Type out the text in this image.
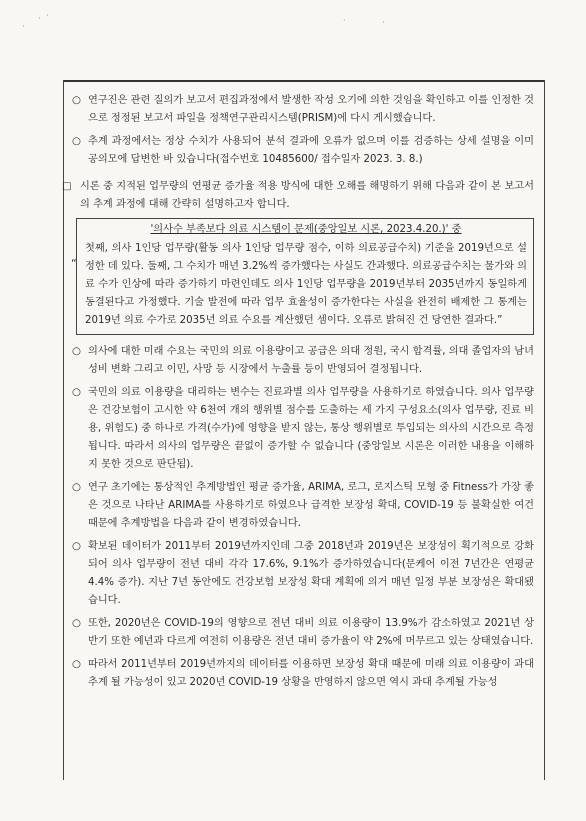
· ·
·
·	·
○ 연구진은 관련 질의가 보고서 편집과정에서 발생한 작성 오기에 의한 것임을 확인하고 이를 인정한 것으로 정정된 보고서 파일을 정책연구관리시스템(PRISM)에 다시 게시했습니다.
○ 추계 과정에서는 정상 수치가 사용되어 분석 결과에 오류가 없으며 이를 검증하는 상세 설명을 이미 공의모에 답변한 바 있습니다(접수번호 10485600/ 접수일자 2023. 3. 8.)
□ 시론 중 지적된 업무량의 연평균 증가율 적용 방식에 대한 오해를 해명하기 위해 다음과 같이 본 보고서의 추계 과정에 대해 간략히 설명하고자 합니다.
'의사수 부족보다 의료 시스템이 문제(중앙일보 시론, 2023.4.20.)' 중
“
첫째, 의사 1인당 업무량(활동 의사 1인당 업무량 점수, 이하 의료공급수치) 기준을 2019년으로 설정한 데 있다. 둘째, 그 수치가 매년 3.2%씩 증가했다는 사실도 간과했다. 의료공급수치는 물가와 의료 수가 인상에 따라 증가하기 마련인데도 의사 1인당 업무량을 2019년부터 2035년까지 동일하게 동결된다고 가정했다. 기술 발전에 따라 업무 효율성이 증가한다는 사실을 완전히 배제한 그 통계는 2019년 의료 수가로 2035년 의료 수요를 계산했던 셈이다. 오류로 밝혀진 건 당연한 결과다.”
○ 의사에 대한 미래 수요는 국민의 의료 이용량이고 공급은 의대 정원, 국시 합격률, 의대 졸업자의 남녀성비 변화 그리고 이민, 사망 등 시장에서 누출률 등이 반영되어 결정됩니다.
○ 국민의 의료 이용량을 대리하는 변수는 진료과별 의사 업무량을 사용하기로 하였습니다. 의사 업무량은 건강보험이 고시한 약 6천여 개의 행위별 점수를 도출하는 세 가지 구성요소(의사 업무량, 진료 비용, 위험도) 중 하나로 가격(수가)에 영향을 받지 않는, 통상 행위별로 투입되는 의사의 시간으로 측정됩니다. 따라서 의사의 업무량은 끝없이 증가할 수 없습니다 (중앙일보 시론은 이러한 내용을 이해하지 못한 것으로 판단됨).
○ 연구 초기에는 통상적인 추계방법인 평균 증가율, ARIMA, 로그, 로지스틱 모형 중 Fitness가 가장 좋은 것으로 나타난 ARIMA를 사용하기로 하였으나 급격한 보장성 확대, COVID-19 등 불확실한 여건 때문에 추계방법을 다음과 같이 변경하였습니다.
○ 확보된 데이터가 2011부터 2019년까지인데 그중 2018년과 2019년은 보장성이 획기적으로 강화되어 의사 업무량이 전년 대비 각각 17.6%, 9.1%가 증가하였습니다(문케어 이전 7년간은 연평균 4.4% 증가). 지난 7년 동안에도 건강보험 보장성 확대 계획에 의거 매년 일정 부분 보장성은 확대됐습니다.
○ 또한, 2020년은 COVID-19의 영향으로 전년 대비 의료 이용량이 13.9%가 감소하였고 2021년 상반기 또한 예년과 다르게 여전히 이용량은 전년 대비 증가율이 약 2%에 머무르고 있는 상태였습니다.
○ 따라서 2011년부터 2019년까지의 데이터를 이용하면 보장성 확대 때문에 미래 의료 이용량이 과대 추계 될 가능성이 있고 2020년 COVID-19 상황을 반영하지 않으면 역시 과대 추계될 가능성
